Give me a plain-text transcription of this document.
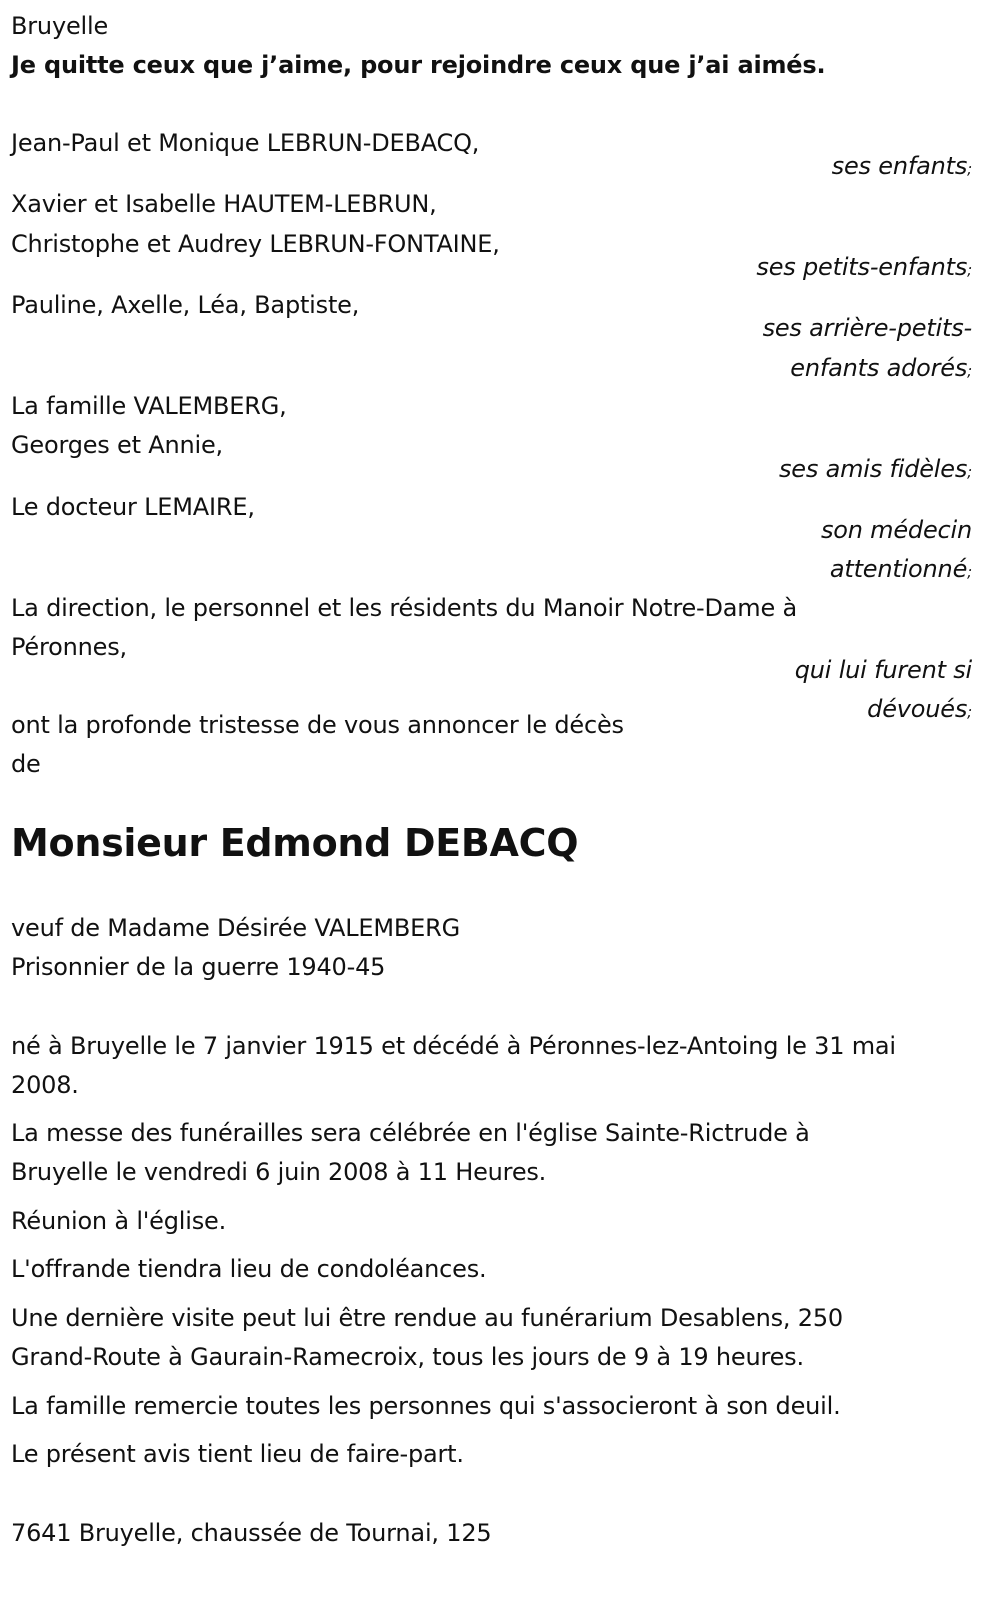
Bruyelle
Je quitte ceux que j’aime, pour rejoindre ceux que j’ai aimés.
Jean-Paul et Monique LEBRUN-DEBACQ,
ses enfants;
Xavier et Isabelle HAUTEM-LEBRUN,
Christophe et Audrey LEBRUN-FONTAINE,
ses petits-enfants;
Pauline, Axelle, Léa, Baptiste,
ses arrière-petits-
enfants adorés;
La famille VALEMBERG,
Georges et Annie,
ses amis fidèles;
Le docteur LEMAIRE,
son médecin
attentionné;
La direction, le personnel et les résidents du Manoir Notre-Dame à
Péronnes,
qui lui furent si
dévoués;
ont la profonde tristesse de vous annoncer le décès
de
Monsieur Edmond DEBACQ
veuf de Madame Désirée VALEMBERG
Prisonnier de la guerre 1940-45
né à Bruyelle le 7 janvier 1915 et décédé à Péronnes-lez-Antoing le 31 mai
2008.
La messe des funérailles sera célébrée en l'église Sainte-Rictrude à
Bruyelle le vendredi 6 juin 2008 à 11 Heures.
Réunion à l'église.
L'offrande tiendra lieu de condoléances.
Une dernière visite peut lui être rendue au funérarium Desablens, 250
Grand-Route à Gaurain-Ramecroix, tous les jours de 9 à 19 heures.
La famille remercie toutes les personnes qui s'associeront à son deuil.
Le présent avis tient lieu de faire-part.
7641 Bruyelle, chaussée de Tournai, 125
